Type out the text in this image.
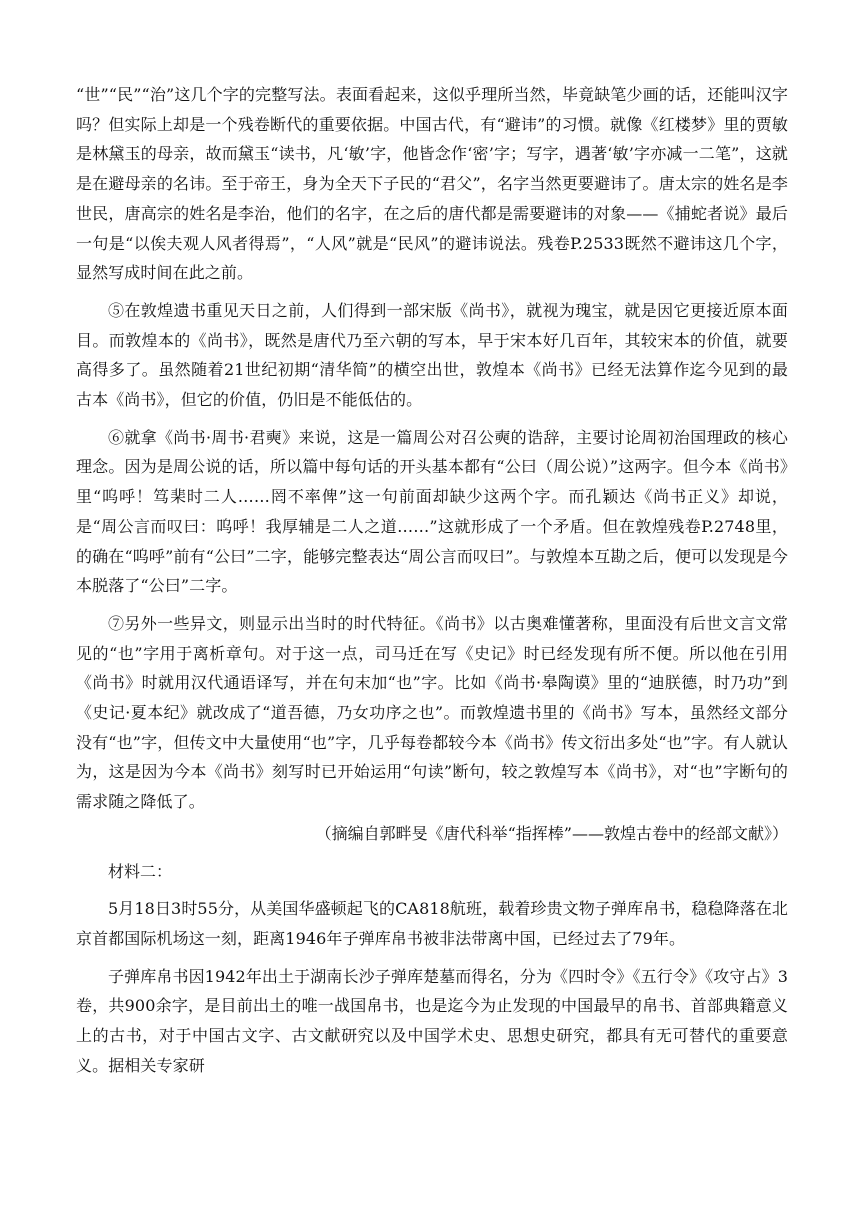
“世”“民”“治”这几个字的完整写法。表面看起来，这似乎理所当然，毕竟缺笔少画的话，还能叫汉字吗？但实际上却是一个残卷断代的重要依据。中国古代，有“避讳”的习惯。就像《红楼梦》里的贾敏是林黛玉的母亲，故而黛玉“读书，凡‘敏’字，他皆念作‘密’字；写字，遇著‘敏’字亦减一二笔”，这就是在避母亲的名讳。至于帝王，身为全天下子民的“君父”，名字当然更要避讳了。唐太宗的姓名是李世民，唐高宗的姓名是李治，他们的名字，在之后的唐代都是需要避讳的对象——《捕蛇者说》最后一句是“以俟夫观人风者得焉”，“人风”就是“民风”的避讳说法。残卷P.2533既然不避讳这几个字，显然写成时间在此之前。

⑤在敦煌遗书重见天日之前，人们得到一部宋版《尚书》，就视为瑰宝，就是因它更接近原本面目。而敦煌本的《尚书》，既然是唐代乃至六朝的写本，早于宋本好几百年，其较宋本的价值，就要高得多了。虽然随着21世纪初期“清华简”的横空出世，敦煌本《尚书》已经无法算作迄今见到的最古本《尚书》，但它的价值，仍旧是不能低估的。

⑥就拿《尚书·周书·君奭》来说，这是一篇周公对召公奭的诰辞，主要讨论周初治国理政的核心理念。因为是周公说的话，所以篇中每句话的开头基本都有“公曰（周公说）”这两字。但今本《尚书》里“呜呼！笃棐时二人……罔不率俾”这一句前面却缺少这两个字。而孔颖达《尚书正义》却说，是“周公言而叹曰：呜呼！我厚辅是二人之道……”这就形成了一个矛盾。但在敦煌残卷P.2748里，的确在“呜呼”前有“公曰”二字，能够完整表达“周公言而叹曰”。与敦煌本互勘之后，便可以发现是今本脱落了“公曰”二字。

⑦另外一些异文，则显示出当时的时代特征。《尚书》以古奥难懂著称，里面没有后世文言文常见的“也”字用于离析章句。对于这一点，司马迁在写《史记》时已经发现有所不便。所以他在引用《尚书》时就用汉代通语译写，并在句末加“也”字。比如《尚书·皋陶谟》里的“迪朕德，时乃功”到《史记·夏本纪》就改成了“道吾德，乃女功序之也”。而敦煌遗书里的《尚书》写本，虽然经文部分没有“也”字，但传文中大量使用“也”字，几乎每卷都较今本《尚书》传文衍出多处“也”字。有人就认为，这是因为今本《尚书》刻写时已开始运用“句读”断句，较之敦煌写本《尚书》，对“也”字断句的需求随之降低了。

（摘编自郭畔旻《唐代科举“指挥棒”——敦煌古卷中的经部文献》）

材料二：

5月18日3时55分，从美国华盛顿起飞的CA818航班，载着珍贵文物子弹库帛书，稳稳降落在北京首都国际机场这一刻，距离1946年子弹库帛书被非法带离中国，已经过去了79年。

子弹库帛书因1942年出土于湖南长沙子弹库楚墓而得名，分为《四时令》《五行令》《攻守占》3卷，共900余字，是目前出土的唯一战国帛书，也是迄今为止发现的中国最早的帛书、首部典籍意义上的古书，对于中国古文字、古文献研究以及中国学术史、思想史研究，都具有无可替代的重要意义。据相关专家研
